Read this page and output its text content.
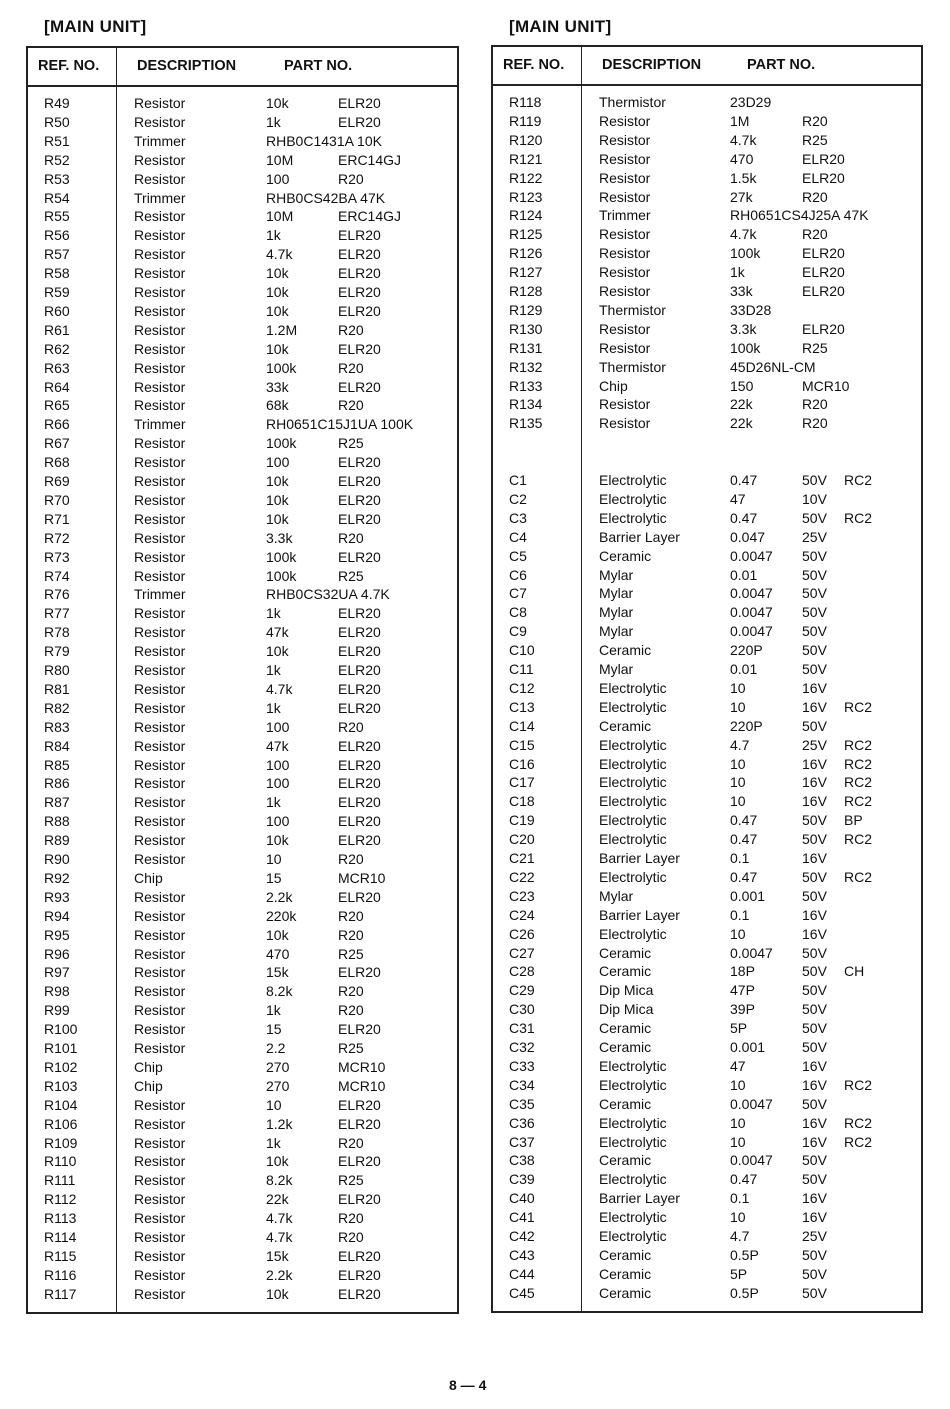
[MAIN UNIT]
REF. NO.	DESCRIPTION	PART NO.
R49	Resistor	10k	ELR20
R50	Resistor	1k	ELR20
R51	Trimmer	RHB0C1431A 10K
R52	Resistor	10M	ERC14GJ
R53	Resistor	100	R20
R54	Trimmer	RHB0CS42BA 47K
R55	Resistor	10M	ERC14GJ
R56	Resistor	1k	ELR20
R57	Resistor	4.7k	ELR20
R58	Resistor	10k	ELR20
R59	Resistor	10k	ELR20
R60	Resistor	10k	ELR20
R61	Resistor	1.2M	R20
R62	Resistor	10k	ELR20
R63	Resistor	100k	R20
R64	Resistor	33k	ELR20
R65	Resistor	68k	R20
R66	Trimmer	RH0651C15J1UA 100K
R67	Resistor	100k	R25
R68	Resistor	100	ELR20
R69	Resistor	10k	ELR20
R70	Resistor	10k	ELR20
R71	Resistor	10k	ELR20
R72	Resistor	3.3k	R20
R73	Resistor	100k	ELR20
R74	Resistor	100k	R25
R76	Trimmer	RHB0CS32UA 4.7K
R77	Resistor	1k	ELR20
R78	Resistor	47k	ELR20
R79	Resistor	10k	ELR20
R80	Resistor	1k	ELR20
R81	Resistor	4.7k	ELR20
R82	Resistor	1k	ELR20
R83	Resistor	100	R20
R84	Resistor	47k	ELR20
R85	Resistor	100	ELR20
R86	Resistor	100	ELR20
R87	Resistor	1k	ELR20
R88	Resistor	100	ELR20
R89	Resistor	10k	ELR20
R90	Resistor	10	R20
R92	Chip	15	MCR10
R93	Resistor	2.2k	ELR20
R94	Resistor	220k	R20
R95	Resistor	10k	R20
R96	Resistor	470	R25
R97	Resistor	15k	ELR20
R98	Resistor	8.2k	R20
R99	Resistor	1k	R20
R100	Resistor	15	ELR20
R101	Resistor	2.2	R25
R102	Chip	270	MCR10
R103	Chip	270	MCR10
R104	Resistor	10	ELR20
R106	Resistor	1.2k	ELR20
R109	Resistor	1k	R20
R110	Resistor	10k	ELR20
R111	Resistor	8.2k	R25
R112	Resistor	22k	ELR20
R113	Resistor	4.7k	R20
R114	Resistor	4.7k	R20
R115	Resistor	15k	ELR20
R116	Resistor	2.2k	ELR20
R117	Resistor	10k	ELR20
[MAIN UNIT]
REF. NO.	DESCRIPTION	PART NO.
R118	Thermistor	23D29
R119	Resistor	1M	R20
R120	Resistor	4.7k	R25
R121	Resistor	470	ELR20
R122	Resistor	1.5k	ELR20
R123	Resistor	27k	R20
R124	Trimmer	RH0651CS4J25A 47K
R125	Resistor	4.7k	R20
R126	Resistor	100k	ELR20
R127	Resistor	1k	ELR20
R128	Resistor	33k	ELR20
R129	Thermistor	33D28
R130	Resistor	3.3k	ELR20
R131	Resistor	100k	R25
R132	Thermistor	45D26NL-CM
R133	Chip	150	MCR10
R134	Resistor	22k	R20
R135	Resistor	22k	R20
C1	Electrolytic	0.47	50V RC2
C2	Electrolytic	47	10V
C3	Electrolytic	0.47	50V RC2
C4	Barrier Layer	0.047	25V
C5	Ceramic	0.0047 50V
C6	Mylar	0.01	50V
C7	Mylar	0.0047 50V
C8	Mylar	0.0047 50V
C9	Mylar	0.0047 50V
C10	Ceramic	220P	50V
C11	Mylar	0.01	50V
C12	Electrolytic	10	16V
C13	Electrolytic	10	16V RC2
C14	Ceramic	220P	50V
C15	Electrolytic	4.7	25V RC2
C16	Electrolytic	10	16V RC2
C17	Electrolytic	10	16V RC2
C18	Electrolytic	10	16V RC2
C19	Electrolytic	0.47	50V BP
C20	Electrolytic	0.47	50V RC2
C21	Barrier Layer	0.1	16V
C22	Electrolytic	0.47	50V RC2
C23	Mylar	0.001	50V
C24	Barrier Layer	0.1	16V
C26	Electrolytic	10	16V
C27	Ceramic	0.0047 50V
C28	Ceramic	18P	50V CH
C29	Dip Mica	47P	50V
C30	Dip Mica	39P	50V
C31	Ceramic	5P	50V
C32	Ceramic	0.001	50V
C33	Electrolytic	47	16V
C34	Electrolytic	10	16V RC2
C35	Ceramic	0.0047 50V
C36	Electrolytic	10	16V RC2
C37	Electrolytic	10	16V RC2
C38	Ceramic	0.0047 50V
C39	Electrolytic	0.47	50V
C40	Barrier Layer	0.1	16V
C41	Electrolytic	10	16V
C42	Electrolytic	4.7	25V
C43	Ceramic	0.5P	50V
C44	Ceramic	5P	50V
C45	Ceramic	0.5P	50V
8 — 4
